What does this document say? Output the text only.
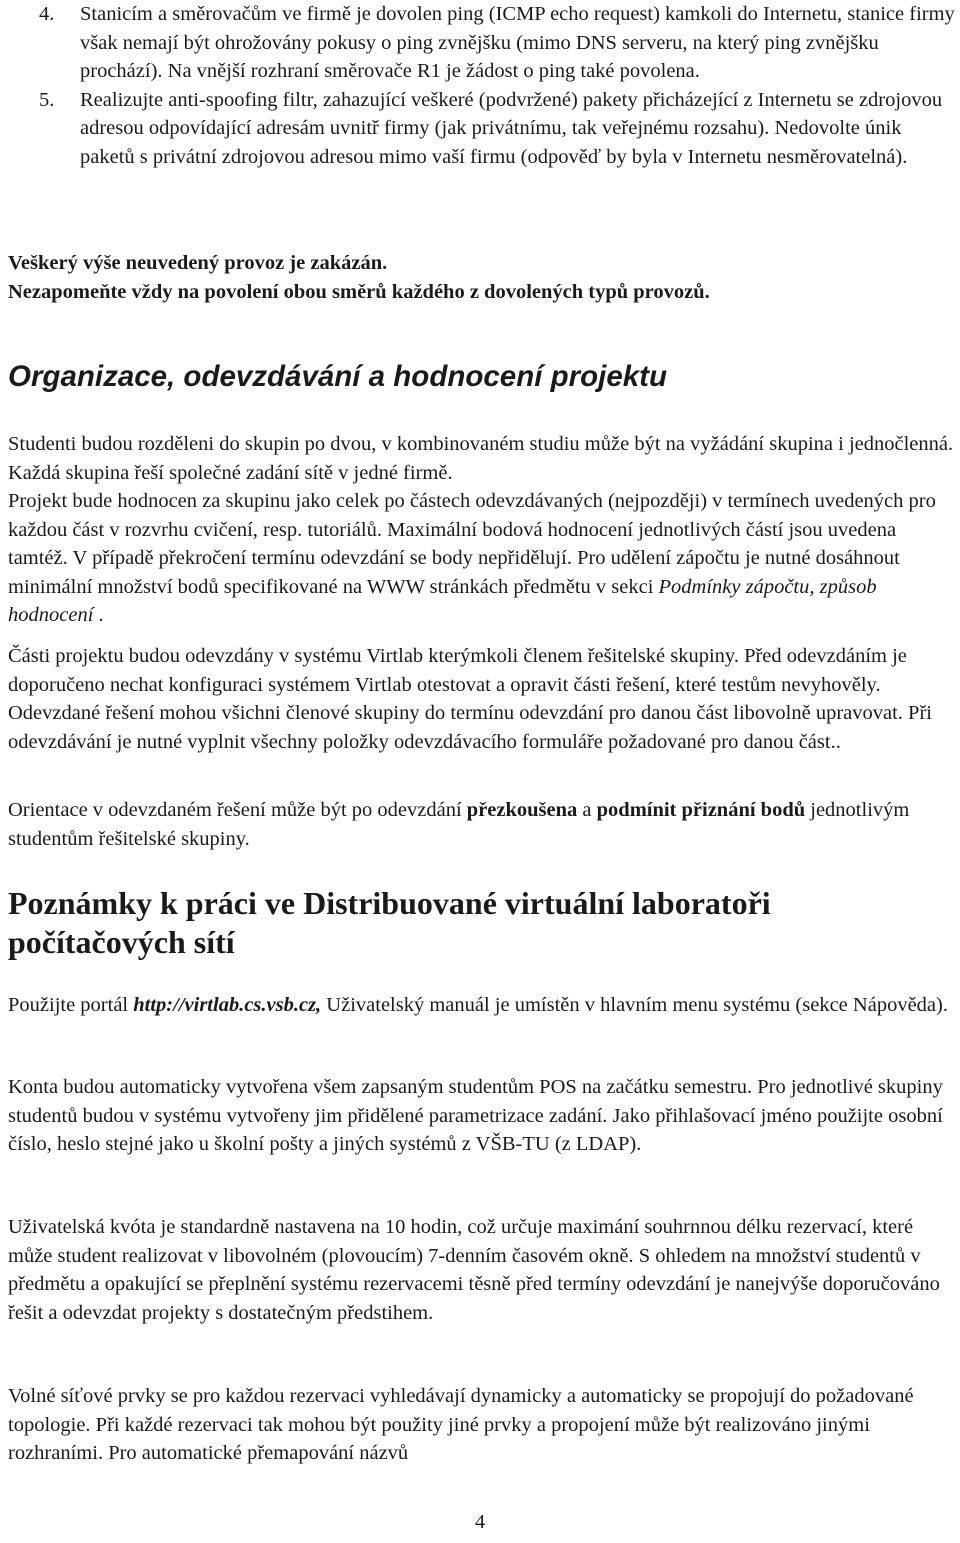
4. Stanicím a směrovačům ve firmě je dovolen ping (ICMP echo request) kamkoli do Internetu, stanice firmy však nemají být ohrožovány pokusy o ping zvnějšku (mimo DNS serveru, na který ping zvnějšku prochází). Na vnější rozhraní směrovače R1 je žádost o ping také povolena.
5. Realizujte anti-spoofing filtr, zahazující veškeré (podvržené) pakety přicházející z Internetu se zdrojovou adresou odpovídající adresám uvnitř firmy (jak privátnímu, tak veřejnému rozsahu). Nedovolte únik paketů s privátní zdrojovou adresou mimo vaší firmu (odpověď by byla v Internetu nesměrovatelná).
Veškerý výše neuvedený provoz je zakázán.
Nezapomeňte vždy na povolení obou směrů každého z dovolených typů provozů.
Organizace, odevzdávání a hodnocení projektu
Studenti budou rozděleni do skupin po dvou, v kombinovaném studiu může být na vyžádání skupina i jednočlenná. Každá skupina řeší společné zadání sítě v jedné firmě.
Projekt bude hodnocen za skupinu jako celek po částech odevzdávaných (nejpozději) v termínech uvedených pro každou část v rozvrhu cvičení, resp. tutoriálů. Maximální bodová hodnocení jednotlivých částí jsou uvedena tamtéž. V případě překročení termínu odevzdání se body nepřidělují. Pro udělení zápočtu je nutné dosáhnout minimální množství bodů specifikované na WWW stránkách předmětu v sekci Podmínky zápočtu, způsob hodnocení .
Části projektu budou odevzdány v systému Virtlab kterýmkoli členem řešitelské skupiny. Před odevzdáním je doporučeno nechat konfiguraci systémem Virtlab otestovat a opravit části řešení, které testům nevyhověly. Odevzdané řešení mohou všichni členové skupiny do termínu odevzdání pro danou část libovolně upravovat. Při odevzdávání je nutné vyplnit všechny položky odevzdávacího formuláře požadované pro danou část..
Orientace v odevzdaném řešení může být po odevzdání přezkoušena a podmínit přiznání bodů jednotlivým studentům řešitelské skupiny.
Poznámky k práci ve Distribuované virtuální laboratoři počítačových sítí
Použijte portál http://virtlab.cs.vsb.cz, Uživatelský manuál je umístěn v hlavním menu systému (sekce Nápověda).
Konta budou automaticky vytvořena všem zapsaným studentům POS na začátku semestru. Pro jednotlivé skupiny studentů budou v systému vytvořeny jim přidělené parametrizace zadání. Jako přihlašovací jméno použijte osobní číslo, heslo stejné jako u školní pošty a jiných systémů z VŠB-TU (z LDAP).
Uživatelská kvóta je standardně nastavena na 10 hodin, což určuje maximání souhrnnou délku rezervací, které může student realizovat v libovolném (plovoucím) 7-denním časovém okně. S ohledem na množství studentů v předmětu a opakující se přeplnění systému rezervacemi těsně před termíny odevzdání je nanejvýše doporučováno řešit a odevzdat projekty s dostatečným předstihem.
Volné síťové prvky se pro každou rezervaci vyhledávají dynamicky a automaticky se propojují do požadované topologie. Při každé rezervaci tak mohou být použity jiné prvky a propojení může být realizováno jinými rozhraními. Pro automatické přemapování názvů
4
